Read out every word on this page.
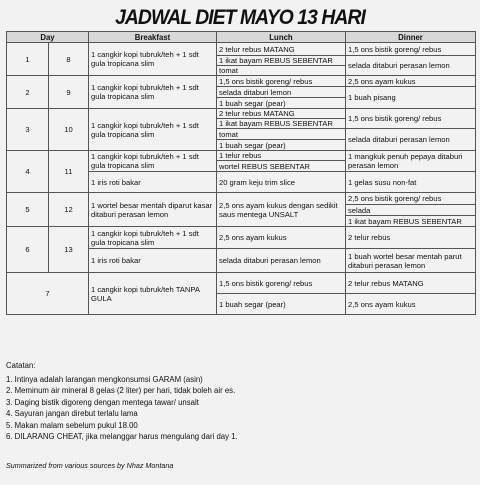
JADWAL DIET MAYO 13 HARI
Day		Breakfast	Lunch	Dinner
1	8	1 cangkir kopi tubruk/teh + 1 sdt gula tropicana slim	2 telur rebus MATANG	1,5 ons bistik goreng/ rebus
			1 ikat bayam REBUS SEBENTAR	selada ditaburi perasan lemon
			tomat	
2	9	1 cangkir kopi tubruk/teh + 1 sdt gula tropicana slim	1,5 ons bistik goreng/ rebus	2,5 ons ayam kukus
			selada ditaburi lemon	1 buah pisang
			1 buah segar (pear)	
3	10	1 cangkir kopi tubruk/teh + 1 sdt gula tropicana slim	2 telur rebus MATANG	1,5 ons bistik goreng/ rebus
			1 ikat bayam REBUS SEBENTAR	
			tomat	selada ditaburi perasan lemon
			1 buah segar (pear)	
4	11	1 cangkir kopi tubruk/teh + 1 sdt gula tropicana slim	1 telur rebus	1 mangkuk penuh pepaya ditaburi perasan lemon
			wortel REBUS SEBENTAR	
		1 iris roti bakar	20 gram keju trim slice	1 gelas susu non-fat

5	12	1 wortel besar mentah diparut kasar ditaburi perasan lemon	2,5 ons ayam kukus dengan sedikit saus mentega UNSALT	2,5 ons bistik goreng/ rebus
				selada
				1 ikat bayam REBUS SEBENTAR
6	13	1 cangkir kopi tubruk/teh + 1 sdt gula tropicana slim	2,5 ons ayam kukus	2 telur rebus
		1 iris roti bakar	selada ditaburi perasan lemon	1 buah wortel besar mentah parut ditaburi perasan lemon
7		1 cangkir kopi tubruk/teh TANPA GULA	1,5 ons bistik goreng/ rebus	2 telur rebus MATANG
			1 buah segar (pear)	2,5 ons ayam kukus
Catatan:
1. Intinya adalah larangan mengkonsumsi GARAM (asin)
2. Meminum air mineral 8 gelas (2 liter) per hari, tidak boleh air es.
3. Daging bistik digoreng dengan mentega tawar/ unsalt
4. Sayuran jangan direbut terlalu lama
5. Makan malam sebelum pukul 18.00
6. DILARANG CHEAT, jika melanggar harus mengulang dari day 1.
Summarized from various sources by Nhaz Montana
